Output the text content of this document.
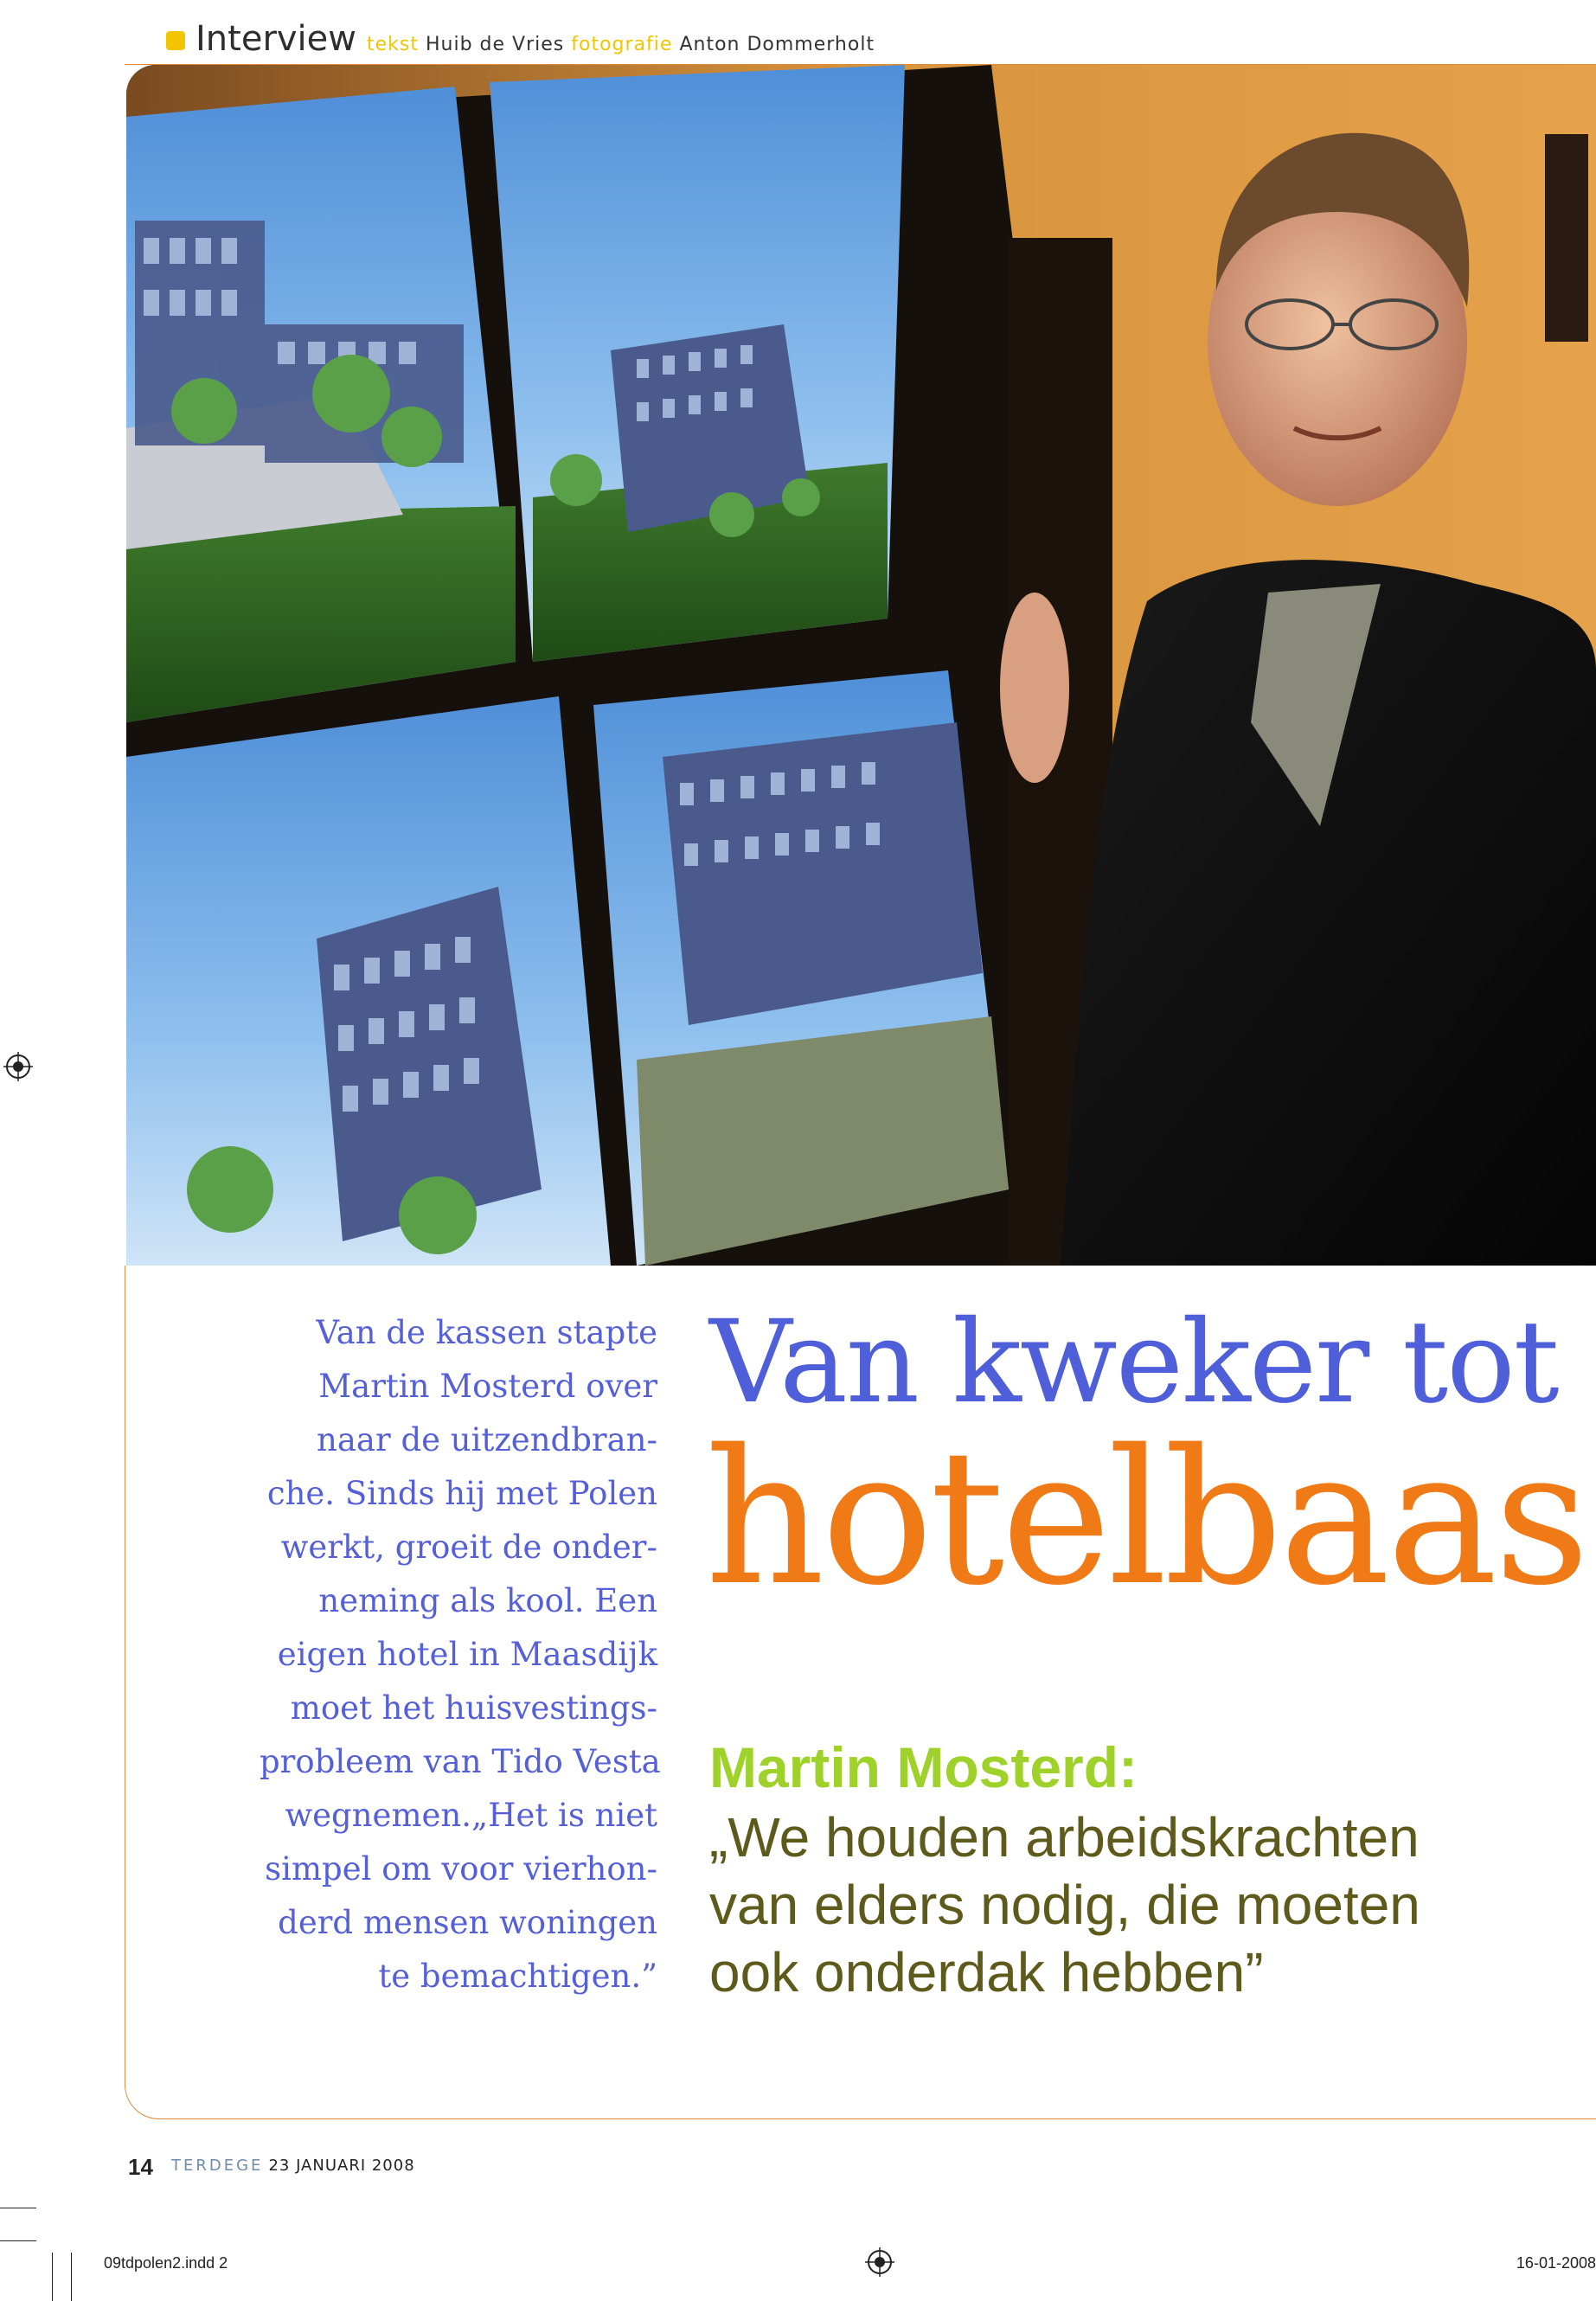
Interview tekst Huib de Vries fotografie Anton Dommerholt

Van de kassen stapte
Martin Mosterd over
naar de uitzendbran-
che. Sinds hij met Polen
werkt, groeit de onder-
neming als kool. Een
eigen hotel in Maasdijk
moet het huisvestings-
probleem van Tido Vesta
wegnemen.„Het is niet
simpel om voor vierhon-
derd mensen woningen
te bemachtigen.”

Van kweker tot
hotelbaas
Martin Mosterd:

„We houden arbeidskrachten
van elders nodig, die moeten
ook onderdak hebben”

14 TERDEGE 23 JANUARI 2008
09tdpolen2.indd 2	16-01-2008
